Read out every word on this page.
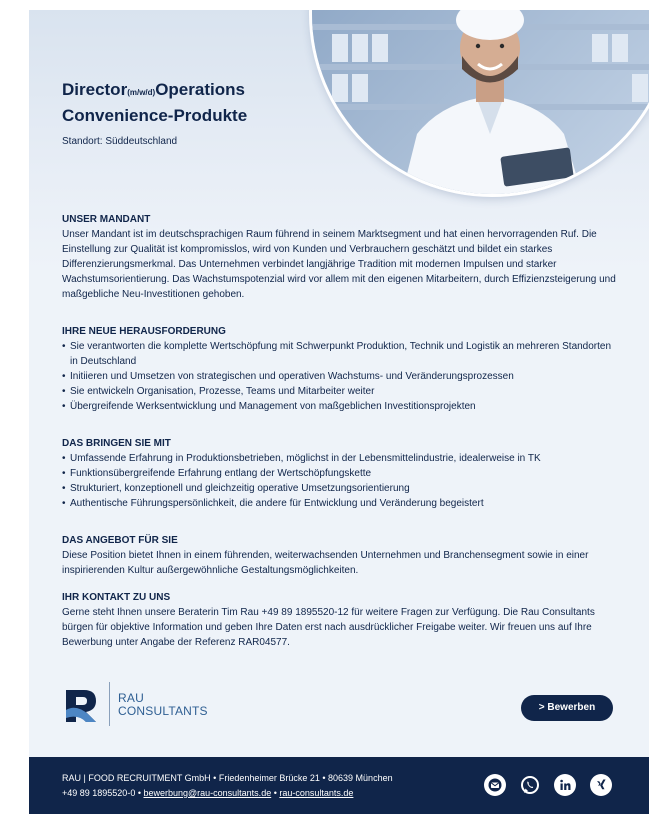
Director(m/w/d)Operations
Convenience-Produkte
Standort: Süddeutschland
UNSER MANDANT
Unser Mandant ist im deutschsprachigen Raum führend in seinem Marktsegment und hat einen hervorragenden Ruf. Die Einstellung zur Qualität ist kompromisslos, wird von Kunden und Verbrauchern geschätzt und bildet ein starkes Differenzierungsmerkmal. Das Unternehmen verbindet langjährige Tradition mit modernen Impulsen und starker Wachstumsorientierung. Das Wachstumspotenzial wird vor allem mit den eigenen Mitarbeitern, durch Effizienzsteigerung und maßgebliche Neu-Investitionen gehoben.
IHRE NEUE HERAUSFORDERUNG
• Sie verantworten die komplette Wertschöpfung mit Schwerpunkt Produktion, Technik und Logistik an mehreren Standorten in Deutschland
• Initiieren und Umsetzen von strategischen und operativen Wachstums- und Veränderungsprozessen
• Sie entwickeln Organisation, Prozesse, Teams und Mitarbeiter weiter
• Übergreifende Werksentwicklung und Management von maßgeblichen Investitionsprojekten
DAS BRINGEN SIE MIT
• Umfassende Erfahrung in Produktionsbetrieben, möglichst in der Lebensmittelindustrie, idealerweise in TK
• Funktionsübergreifende Erfahrung entlang der Wertschöpfungskette
• Strukturiert, konzeptionell und gleichzeitig operative Umsetzungsorientierung
• Authentische Führungspersönlichkeit, die andere für Entwicklung und Veränderung begeistert
DAS ANGEBOT FÜR SIE
Diese Position bietet Ihnen in einem führenden, weiterwachsenden Unternehmen und Branchensegment sowie in einer inspirierenden Kultur außergewöhnliche Gestaltungsmöglichkeiten.
IHR KONTAKT ZU UNS
Gerne steht Ihnen unsere Beraterin Tim Rau +49 89 1895520-12 für weitere Fragen zur Verfügung. Die Rau Consultants bürgen für objektive Information und geben Ihre Daten erst nach ausdrücklicher Freigabe weiter. Wir freuen uns auf Ihre Bewerbung unter Angabe der Referenz RAR04577.
RAU
CONSULTANTS	> Bewerben
RAU | FOOD RECRUITMENT GmbH • Friedenheimer Brücke 21 • 80639 München
+49 89 1895520-0 • bewerbung@rau-consultants.de • rau-consultants.de
